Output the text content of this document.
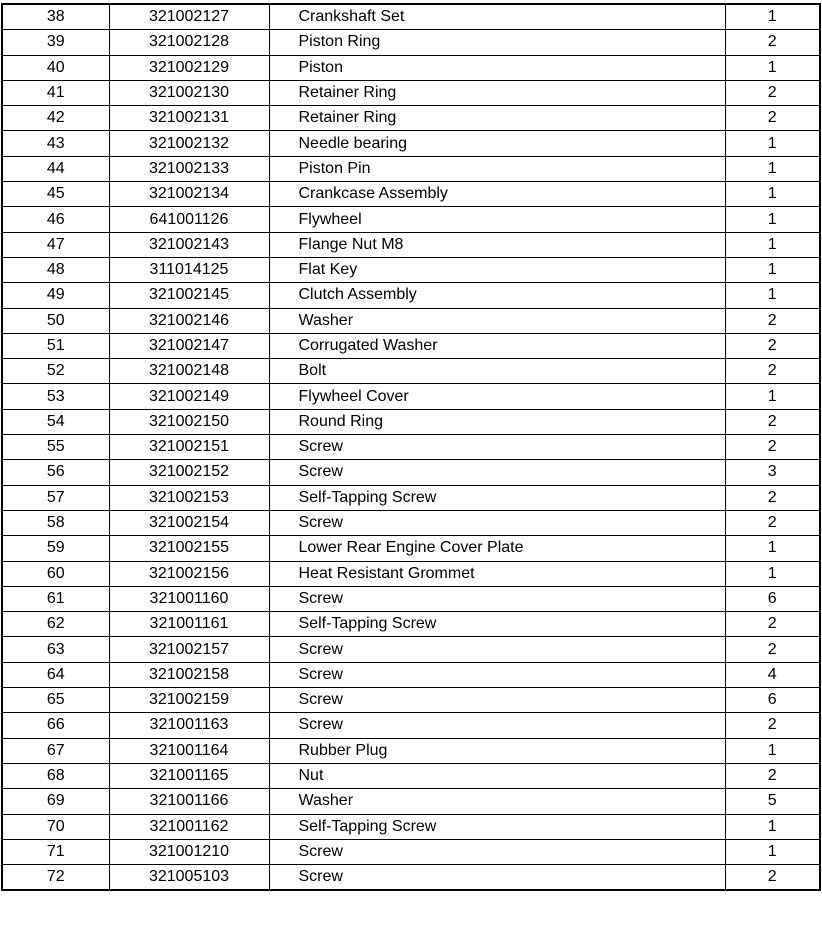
38	321002127	Crankshaft Set	1
39	321002128	Piston Ring	2
40	321002129	Piston	1
41	321002130	Retainer Ring	2
42	321002131	Retainer Ring	2
43	321002132	Needle bearing	1
44	321002133	Piston Pin	1
45	321002134	Crankcase Assembly	1
46	641001126	Flywheel	1
47	321002143	Flange Nut M8	1
48	311014125	Flat Key	1
49	321002145	Clutch Assembly	1
50	321002146	Washer	2
51	321002147	Corrugated Washer	2
52	321002148	Bolt	2
53	321002149	Flywheel Cover	1
54	321002150	Round Ring	2
55	321002151	Screw	2
56	321002152	Screw	3
57	321002153	Self-Tapping Screw	2
58	321002154	Screw	2
59	321002155	Lower Rear Engine Cover Plate	1
60	321002156	Heat Resistant Grommet	1
61	321001160	Screw	6
62	321001161	Self-Tapping Screw	2
63	321002157	Screw	2
64	321002158	Screw	4
65	321002159	Screw	6
66	321001163	Screw	2
67	321001164	Rubber Plug	1
68	321001165	Nut	2
69	321001166	Washer	5
70	321001162	Self-Tapping Screw	1
71	321001210	Screw	1
72	321005103	Screw	2
